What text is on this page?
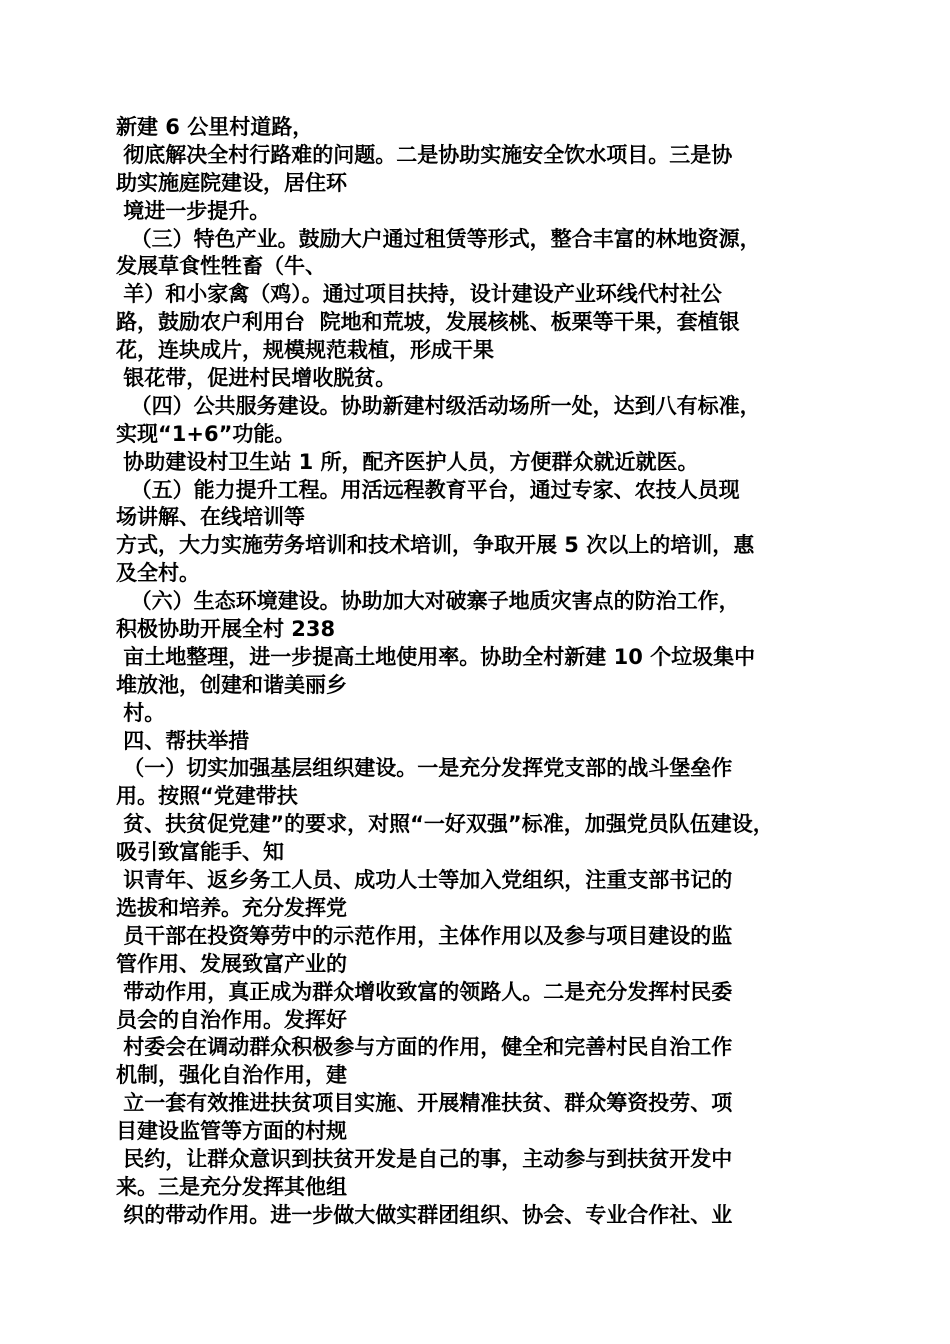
新建 6 公里村道路，
彻底解决全村行路难的问题。二是协助实施安全饮水项目。三是协
助实施庭院建设，居住环
境进一步提升。
（三）特色产业。鼓励大户通过租赁等形式，整合丰富的林地资源，
发展草食性牲畜（牛、
羊）和小家禽（鸡）。通过项目扶持，设计建设产业环线代村社公
路，鼓励农户利用台  院地和荒坡，发展核桃、板栗等干果，套植银
花，连块成片，规模规范栽植，形成干果
银花带，促进村民增收脱贫。
（四）公共服务建设。协助新建村级活动场所一处，达到八有标准，
实现“1+6”功能。
协助建设村卫生站 1 所，配齐医护人员，方便群众就近就医。
（五）能力提升工程。用活远程教育平台，通过专家、农技人员现
场讲解、在线培训等
方式，大力实施劳务培训和技术培训，争取开展 5 次以上的培训，惠
及全村。
（六）生态环境建设。协助加大对破寨子地质灾害点的防治工作，
积极协助开展全村 238
亩土地整理，进一步提高土地使用率。协助全村新建 10 个垃圾集中
堆放池，创建和谐美丽乡
村。
四、帮扶举措
（一）切实加强基层组织建设。一是充分发挥党支部的战斗堡垒作
用。按照“党建带扶
贫、扶贫促党建”的要求，对照“一好双强”标准，加强党员队伍建设，
吸引致富能手、知
识青年、返乡务工人员、成功人士等加入党组织，注重支部书记的
选拔和培养。充分发挥党
员干部在投资筹劳中的示范作用，主体作用以及参与项目建设的监
管作用、发展致富产业的
带动作用，真正成为群众增收致富的领路人。二是充分发挥村民委
员会的自治作用。发挥好
村委会在调动群众积极参与方面的作用，健全和完善村民自治工作
机制，强化自治作用，建
立一套有效推进扶贫项目实施、开展精准扶贫、群众筹资投劳、项
目建设监管等方面的村规
民约，让群众意识到扶贫开发是自己的事，主动参与到扶贫开发中
来。三是充分发挥其他组
织的带动作用。进一步做大做实群团组织、协会、专业合作社、业
